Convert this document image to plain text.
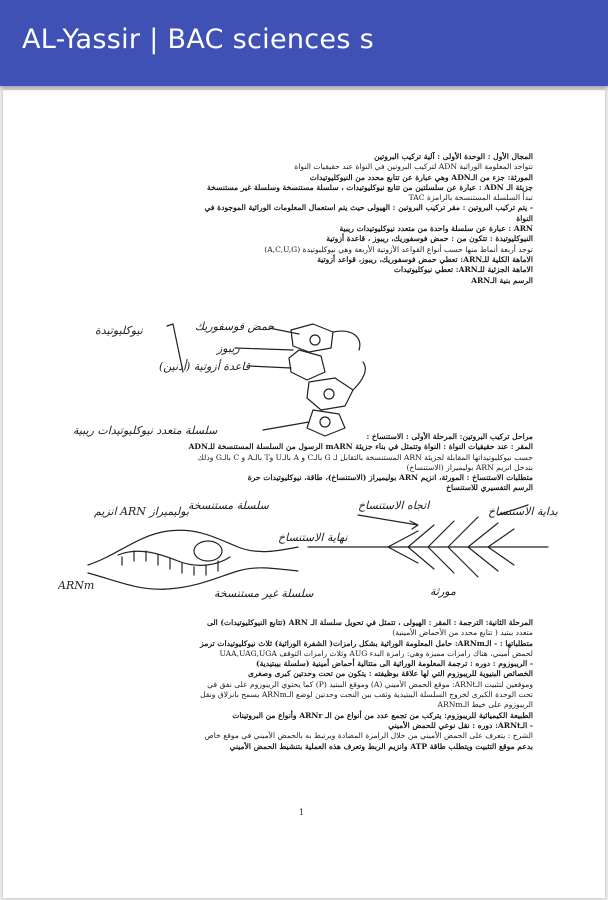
AL-Yassir | BAC sciences s

المجال الأول : الوحدة الأولى : آلية تركيب البروتين

تتواجد المعلومة الوراثية ADN لتركيب البروتين في النواة عند حقيقيات النواة

المورثة: جزء من الـADN وهي عبارة عن تتابع محدد من النيوكليوتيدات

جزيئة الـ ADN : عبارة عن سلسلتين من تتابع نيوكليوتيدات ، سلسلة مستنسخة وسلسلة غير مستنسخة

تبدأ السلسلة المستنسخة بالرامزة TAC

- يتم تركيب البروتين : مقر تركيب البروتين : الهيولى حيث يتم استعمال المعلومات الوراثية الموجودة في

النواة

ARN : عبارة عن سلسلة واحدة من متعدد نيوكليوتيدات ريبية

النيوكليوتيدة : تتكون من : حمض فوسفوريك، ريبوز ، قاعدة أزوتية

توجد أربعة أنماط منها حسب أنواع القواعد الأزوتية الأربعة وهي نيوكليوتيدة (A,C,U,G)

الاماهة الكلية للـARN: تعطي حمض فوسفوريك، ريبوز، قواعد أزوتية

الاماهة الجزئية للـARN: تعطي نيوكليوتيدات

الرسم بنية الـARN

نيوكليوتيدة	حمض فوسفوريك
ريبوز
قاعدة أزوتية (أدنين)
سلسلة متعدد نيوكليوتيدات ريبية	مراحل تركيب البروتين: المرحلة الأولى : الاستنساخ :

المقر : عند حقيقيات النواة : النواة وتتمثل في بناء جزيئة mARN الرسول من السلسلة المستنسخة للـADN

حسب نيوكليوتيداتها المقابلة لجزيئة ARN المستنسخة بالتقابل لـ G بالـC و A بالـU وT بالـA و C بالـG وذلك

بتدخل انزيم ARN بوليميراز (الاستنساخ)

متطلبات الاستنساخ : المورثة، انزيم ARN بوليميراز (الاستنساخ)، طاقة، نيوكليوتيدات حرة

الرسم التفسيري للاستنساخ

انزيم ARN بوليميراز سلسلة مستنسخة
سلسلة غير مستنسخة
ARNm
بداية الاستنساخ
اتجاه الاستنساخ
نهاية الاستنساخ
مورثة

المرحلة الثانية: الترجمة : المقر : الهيولى ، تتمثل في تحويل سلسلة الـ ARN (تتابع النيوكليوتيدات) الى

متعدد ببتيد ( تتابع محدد من الأحماض الأمينية)

متطلباتها : - الـARNm: حامل المعلومة الوراثية بشكل رامزات( الشفرة الوراثية) ثلاث نيوكليوتيدات ترمز

لحمض أميني، هناك رامزات مميزة وهي: رامزة البدء AUG وثلاث رامزات التوقف UAA,UAG,UGA

- الريبوزوم : دوره : ترجمة المعلومة الوراثية الى متتالية أحماض أمينية (سلسلة بيبتيدية)

الخصائص البنيوية للريبوزوم التي لها علاقة بوظيفته : يتكون من تحت وحدتين كبرى وصغرى

وموقعين لتثبيت الـARNt: موقع الحمض الأميني (A) وموقع الببتيد (P) كما يحتوي الريبوزوم على نفق في

تحت الوحدة الكبرى لخروج السلسلة الببتيدية وثقب بين النحت وحدتين لوضع الـARNm يسمح بانزلاق ونقل

الريبوزوم على خيط الـARNm

الطبيعة الكيميائية للريبوزوم: يتركب من تجمع عدد من أنواع من الـ ARNr وأنواع من البروتينات

- الـARNt: دوره : نقل نوعي للحمض الأميني

الشرح : يتعرف على الحمض الأميني من خلال الرامزة المضادة ويرتبط به بالحمض الأميني في موقع خاص

بدعم موقع التثبيت ويتطلب طاقة ATP وانزيم الربط وتعرف هذه العملية بتنشيط الحمض الأميني

1
